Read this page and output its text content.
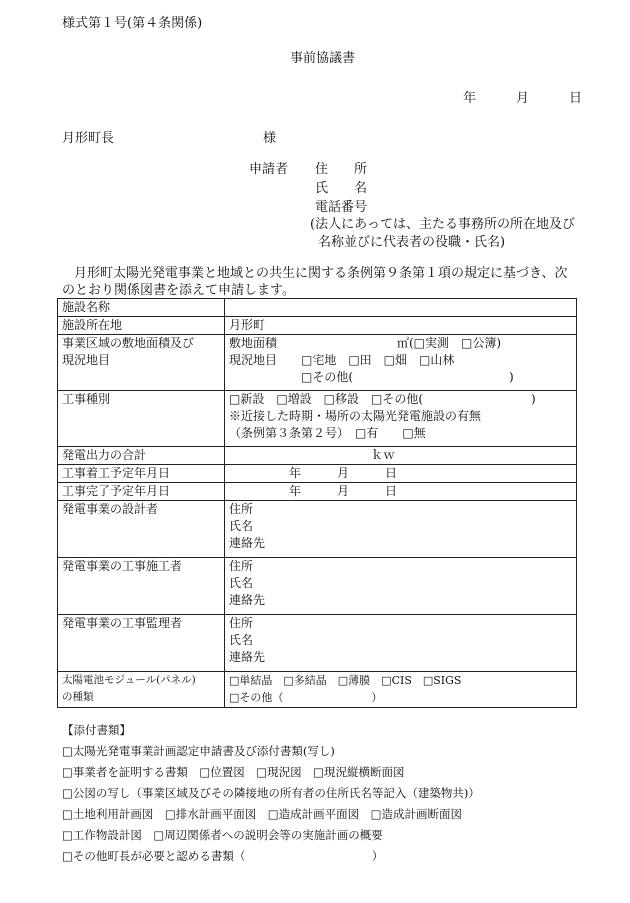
様式第１号(第４条関係)
事前協議書
年	月	日
月形町長	様
申請者 住　　所
氏　　名
電話番号
(法人にあっては、主たる事務所の所在地及び
名称並びに代表者の役職・氏名)
月形町太陽光発電事業と地域との共生に関する条例第９条第１項の規定に基づき、次
のとおり関係図書を添えて申請します。
施設名称	
施設所在地	月形町

事業区域の敷地面積及び
現況地目	敷地面積　　　　　　　　　　㎡(□実測　□公簿)
現況地目　　□宅地　□田　□畑　□山林
　　　　　　□その他(　　　　　　　　　　　　　)

工事種別	□新設　□増設　□移設　□その他(　　　　　　　　　)
※近接した時期・場所の太陽光発電施設の有無
（条例第３条第２号）　□有　　□無

発電出力の合計	ｋｗ
工事着工予定年月日	年　　　月　　　日
工事完了予定年月日	年　　　月　　　日
発電事業の設計者	住所
氏名
連絡先

発電事業の工事施工者	住所
氏名
連絡先

発電事業の工事監理者	住所
氏名
連絡先

太陽電池モジュール(パネル)
の種類	□単結晶　□多結晶　□薄膜　□CIS　□SIGS
□その他（　　　　　　　　）
【添付書類】
□太陽光発電事業計画認定申請書及び添付書類(写し)
□事業者を証明する書類　□位置図　□現況図　□現況縦横断面図
□公図の写し（事業区域及びその隣接地の所有者の住所氏名等記入（建築物共)）
□土地利用計画図　□排水計画平面図　□造成計画平面図　□造成計画断面図
□工作物設計図　□周辺関係者への説明会等の実施計画の概要
□その他町長が必要と認める書類（　　　　　　　　　　　）
